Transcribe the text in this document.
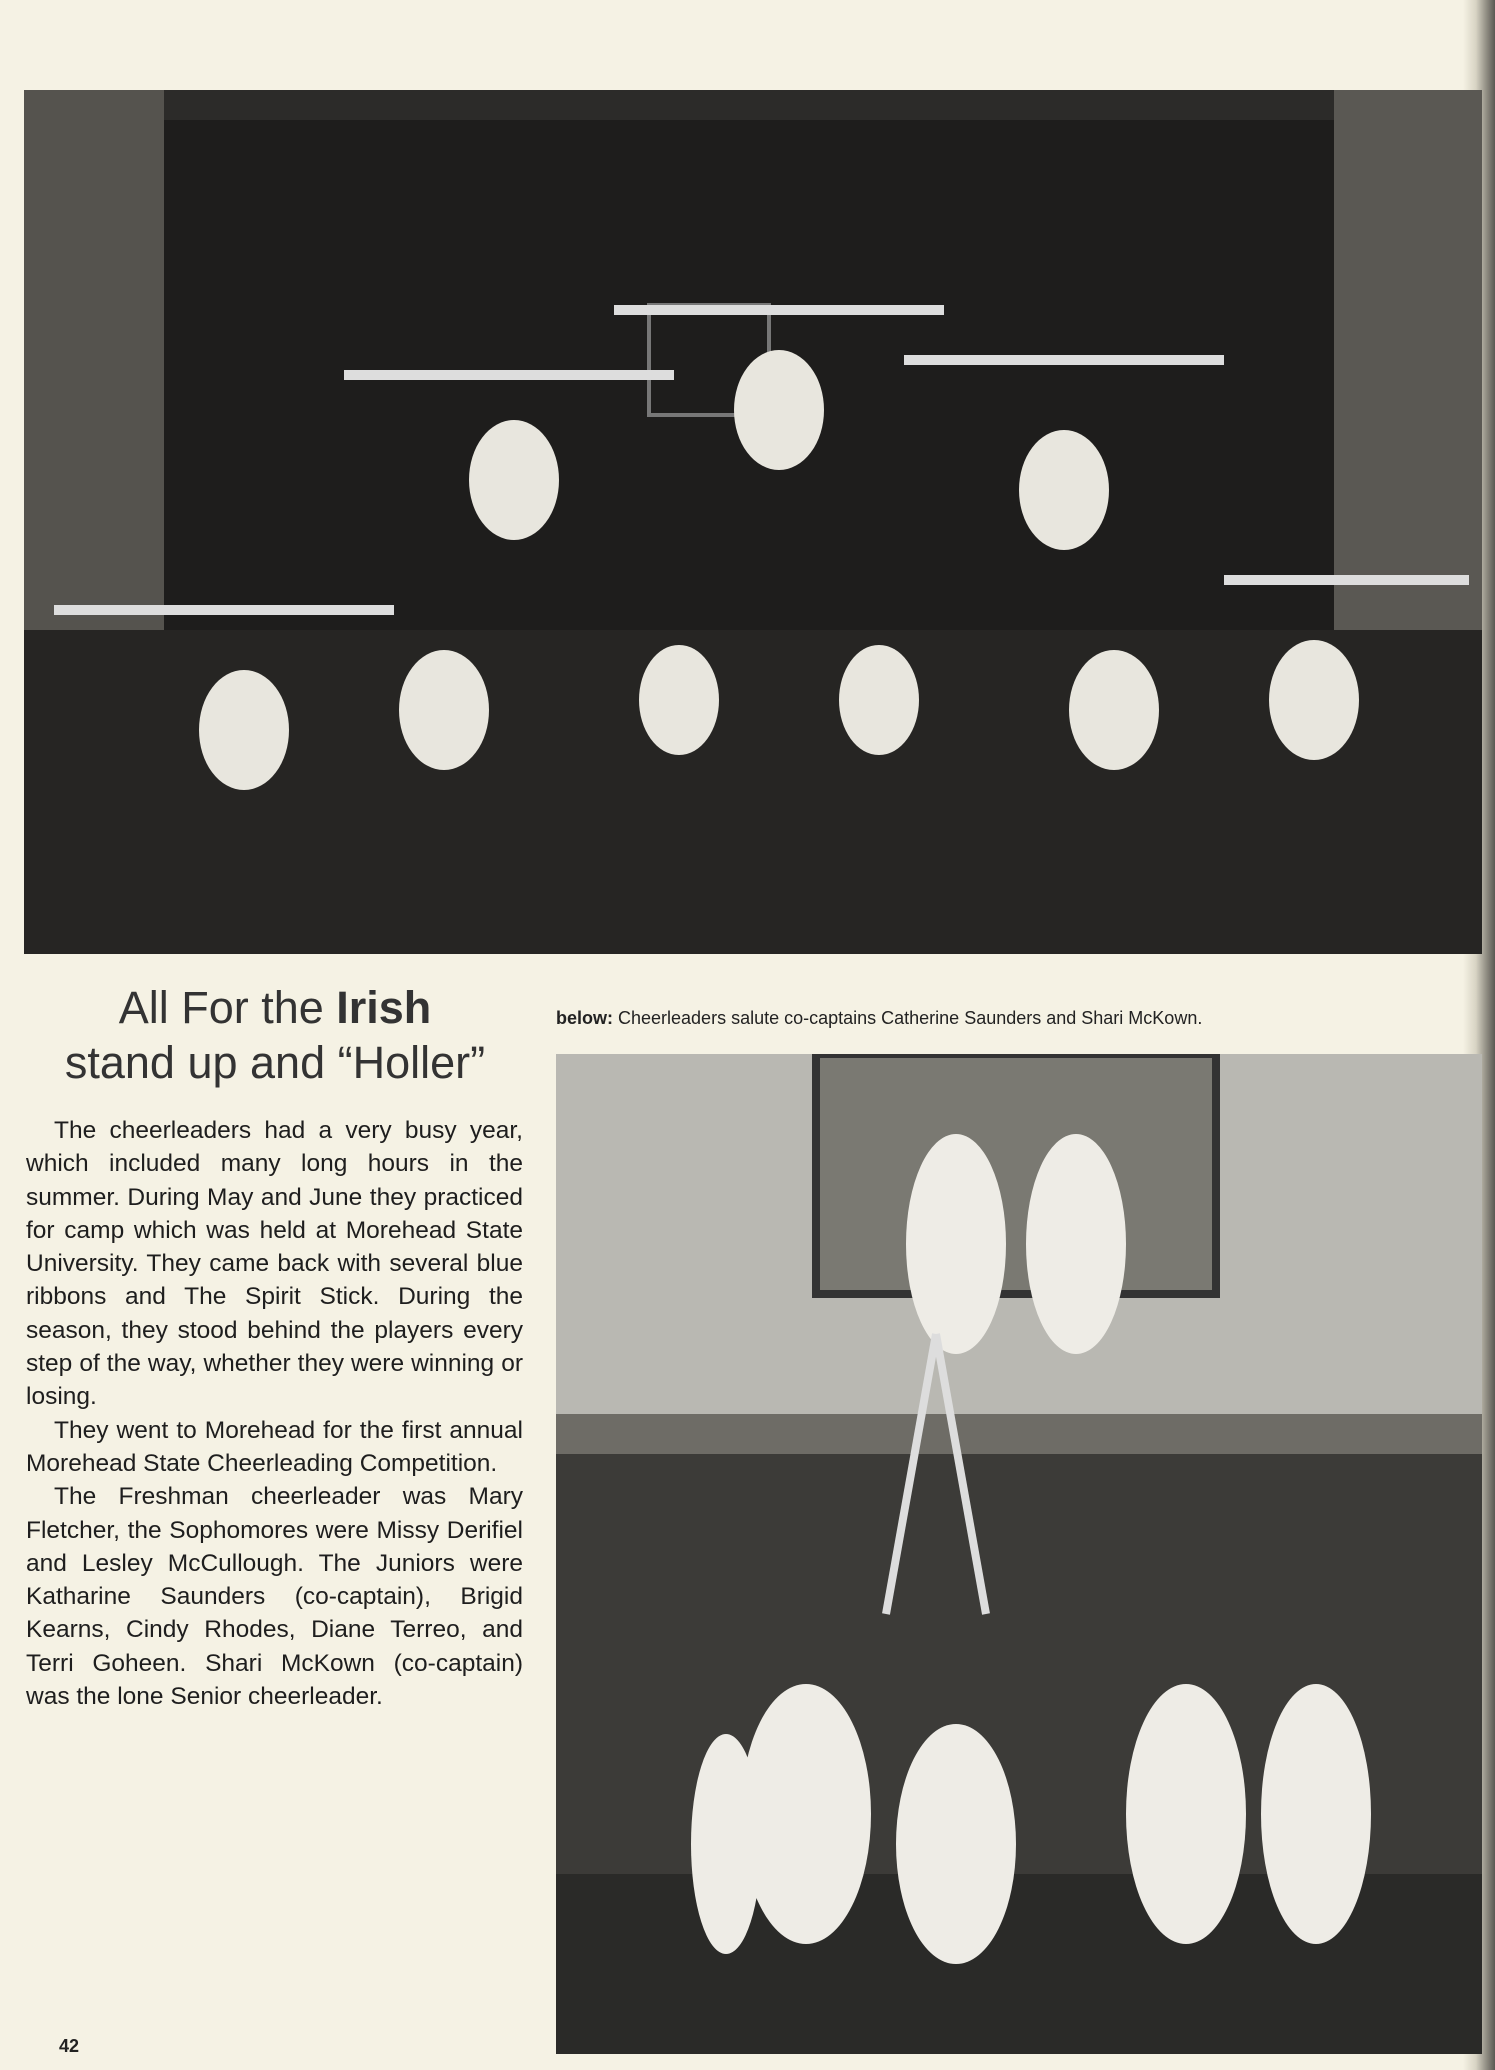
All For the Irish
stand up and “Holler”
below: Cheerleaders salute co-captains Catherine Saunders and Shari McKown.

The cheerleaders had a very busy year, which included many long hours in the summer. During May and June they practiced for camp which was held at Morehead State University. They came back with several blue ribbons and The Spirit Stick. During the season, they stood behind the players every step of the way, whether they were winning or losing.

They went to Morehead for the first annual Morehead State Cheerleading Competition.

The Freshman cheerleader was Mary Fletcher, the Sophomores were Missy Derifiel and Lesley McCullough. The Juniors were Katharine Saunders (co-captain), Brigid Kearns, Cindy Rhodes, Diane Terreo, and Terri Goheen. Shari McKown (co-captain) was the lone Senior cheerleader.

42
